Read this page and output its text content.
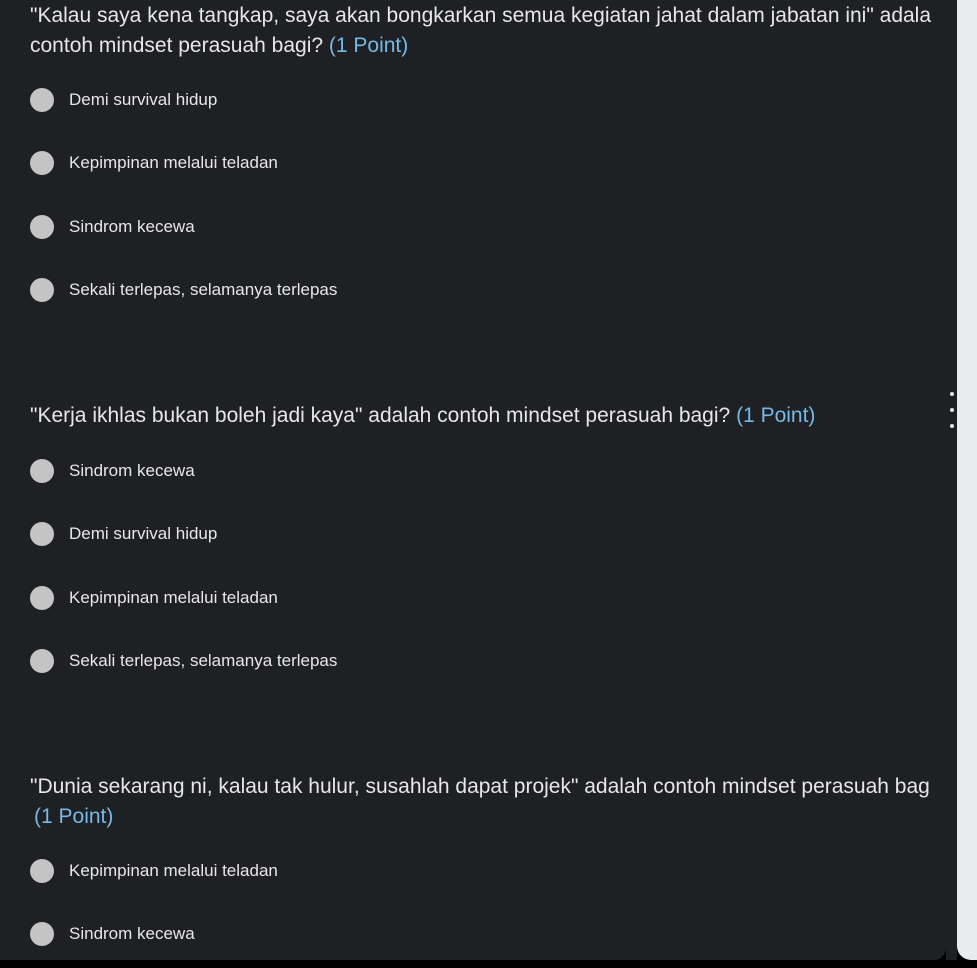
"Kalau saya kena tangkap, saya akan bongkarkan semua kegiatan jahat dalam jabatan ini" adala
contoh mindset perasuah bagi? (1 Point)
Demi survival hidup
Kepimpinan melalui teladan
Sindrom kecewa
Sekali terlepas, selamanya terlepas
"Kerja ikhlas bukan boleh jadi kaya" adalah contoh mindset perasuah bagi? (1 Point)
Sindrom kecewa
Demi survival hidup
Kepimpinan melalui teladan
Sekali terlepas, selamanya terlepas
"Dunia sekarang ni, kalau tak hulur, susahlah dapat projek" adalah contoh mindset perasuah bag
(1 Point)
Kepimpinan melalui teladan
Sindrom kecewa
